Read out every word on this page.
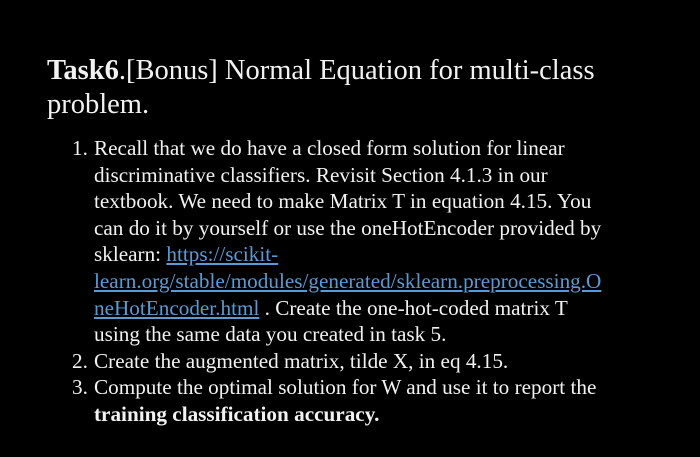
Task6.[Bonus] Normal Equation for multi-class
problem.
1. Recall that we do have a closed form solution for linear
discriminative classifiers. Revisit Section 4.1.3 in our
textbook. We need to make Matrix T in equation 4.15. You
can do it by yourself or use the oneHotEncoder provided by
sklearn: https://scikit-
learn.org/stable/modules/generated/sklearn.preprocessing.O
neHotEncoder.html . Create the one-hot-coded matrix T
using the same data you created in task 5.
2. Create the augmented matrix, tilde X, in eq 4.15.
3. Compute the optimal solution for W and use it to report the
training classification accuracy.
